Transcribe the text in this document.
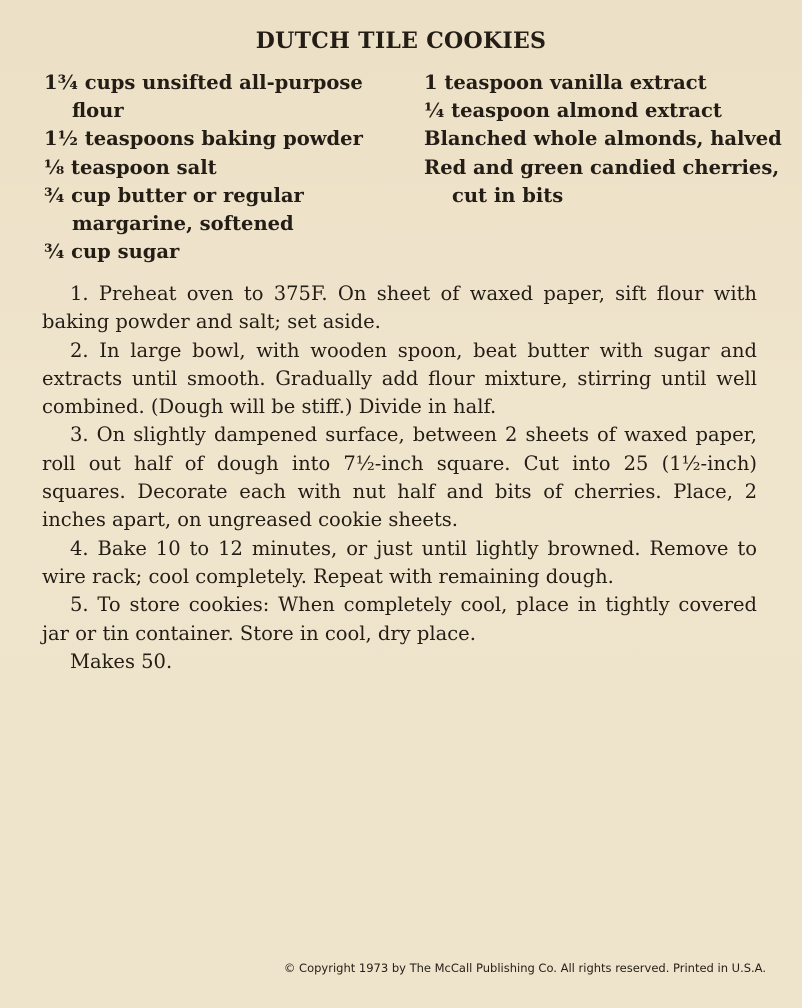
DUTCH TILE COOKIES
1¾ cups unsifted all-purpose flour
1½ teaspoons baking powder
⅛ teaspoon salt
¾ cup butter or regular margarine, softened
¾ cup sugar
1 teaspoon vanilla extract
¼ teaspoon almond extract
Blanched whole almonds, halved
Red and green candied cherries, cut in bits

1. Preheat oven to 375F. On sheet of waxed paper, sift flour with baking powder and salt; set aside.

2. In large bowl, with wooden spoon, beat butter with sugar and extracts until smooth. Gradually add flour mixture, stirring until well combined. (Dough will be stiff.) Divide in half.

3. On slightly dampened surface, between 2 sheets of waxed paper, roll out half of dough into 7½-inch square. Cut into 25 (1½-inch) squares. Decorate each with nut half and bits of cherries. Place, 2 inches apart, on ungreased cookie sheets.

4. Bake 10 to 12 minutes, or just until lightly browned. Remove to wire rack; cool completely. Repeat with remaining dough.

5. To store cookies: When completely cool, place in tightly covered jar or tin container. Store in cool, dry place.

Makes 50.

© Copyright 1973 by The McCall Publishing Co. All rights reserved. Printed in U.S.A.
